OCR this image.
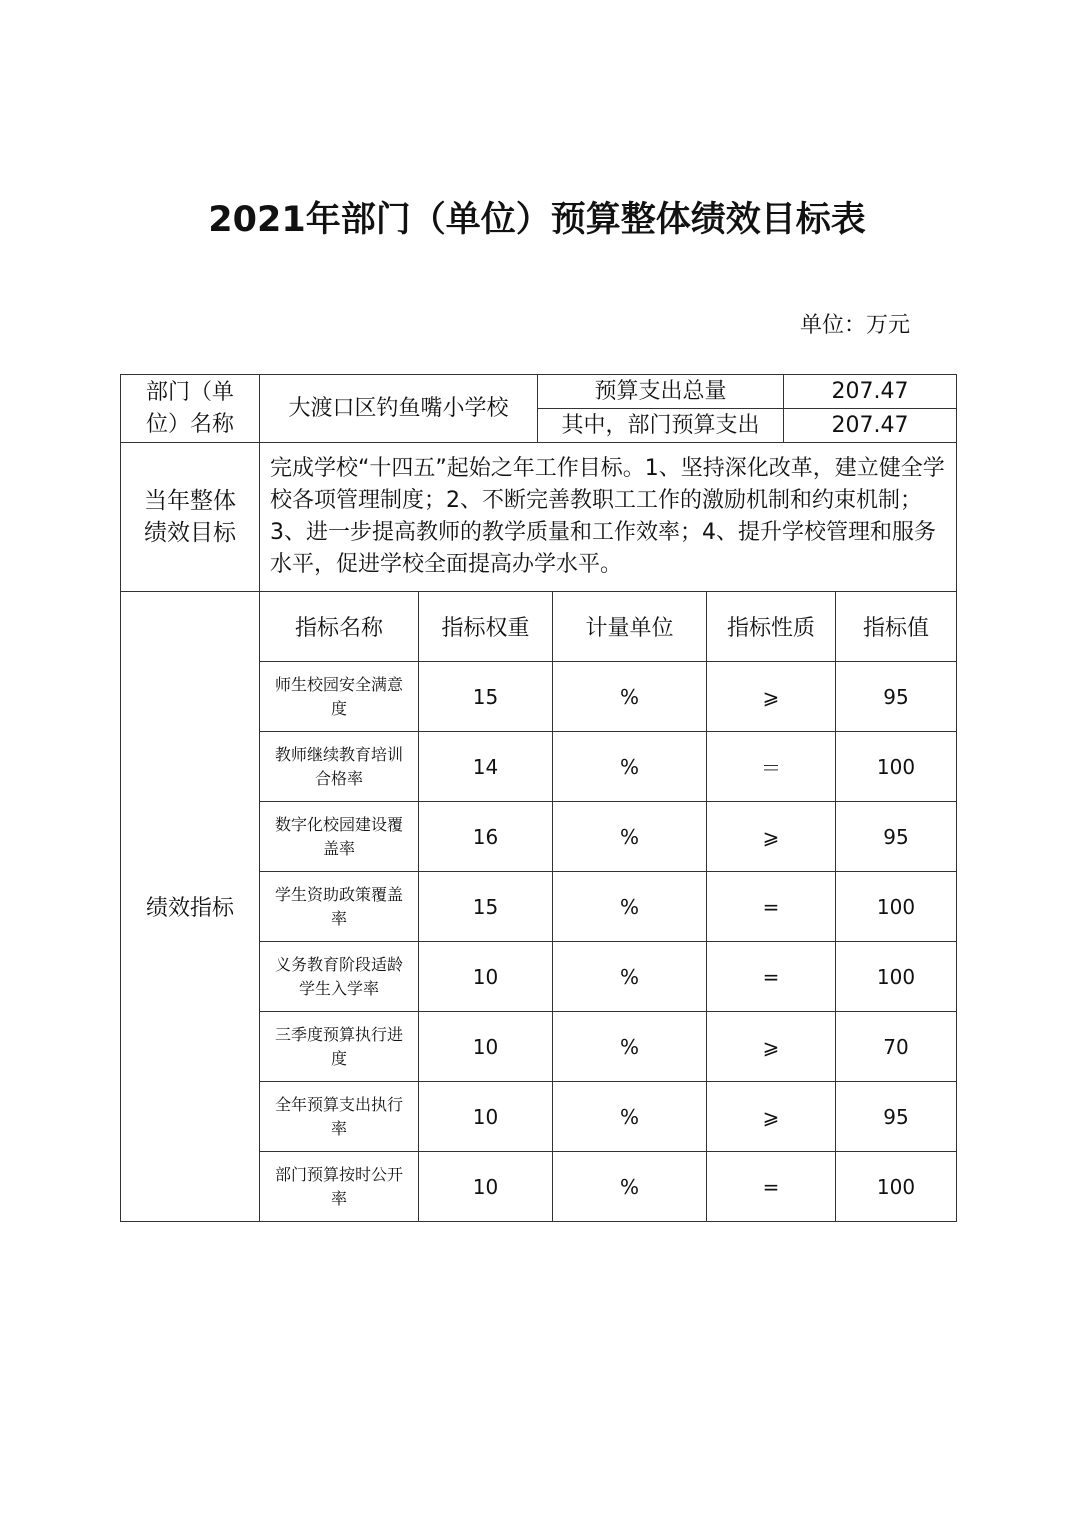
2021年部门（单位）预算整体绩效目标表
单位：万元
部门（单位）名称	大渡口区钓鱼嘴小学校	预算支出总量	207.47
		其中，部门预算支出	207.47
当年整体绩效目标	完成学校“十四五”起始之年工作目标。1、坚持深化改革，建立健全学校各项管理制度；2、不断完善教职工工作的激励机制和约束机制；3、进一步提高教师的教学质量和工作效率；4、提升学校管理和服务水平，促进学校全面提高办学水平。		
绩效指标	指标名称	指标权重	计量单位	指标性质	指标值
	师生校园安全满意度	15	%	⩾	95
	教师继续教育培训合格率	14	%	＝	100
	数字化校园建设覆盖率	16	%	⩾	95
	学生资助政策覆盖率	15	%	=	100
	义务教育阶段适龄学生入学率	10	%	=	100
	三季度预算执行进度	10	%	⩾	70
	全年预算支出执行率	10	%	⩾	95
	部门预算按时公开率	10	%	=	100
